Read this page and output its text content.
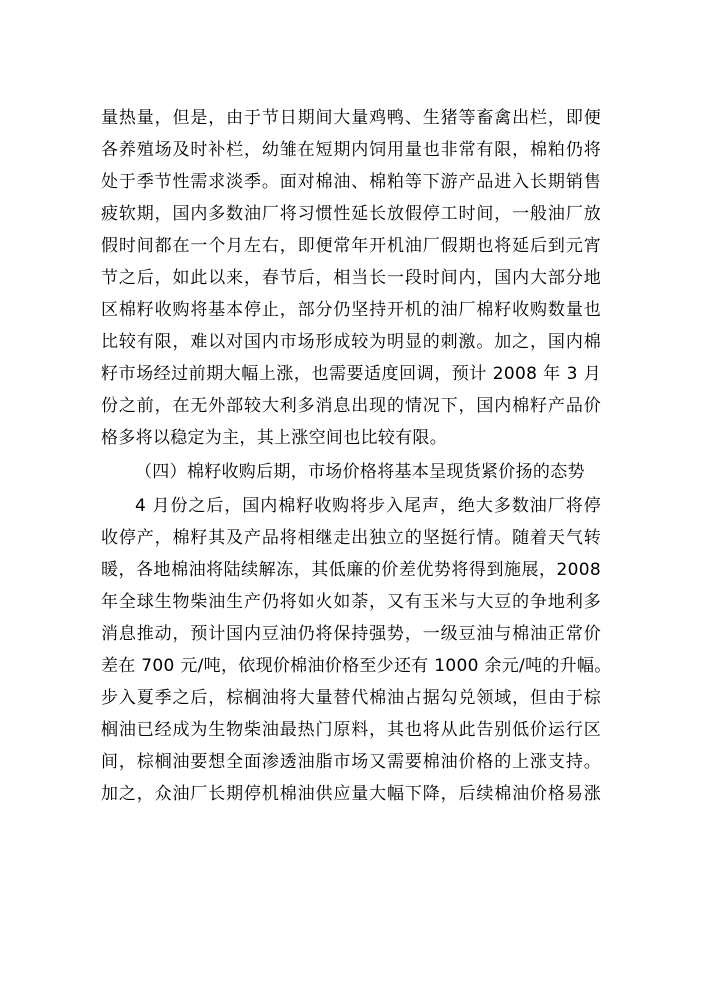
量热量，但是，由于节日期间大量鸡鸭、生猪等畜禽出栏，即便
各养殖场及时补栏，幼雏在短期内饲用量也非常有限，棉粕仍将
处于季节性需求淡季。面对棉油、棉粕等下游产品进入长期销售
疲软期，国内多数油厂将习惯性延长放假停工时间，一般油厂放
假时间都在一个月左右，即便常年开机油厂假期也将延后到元宵
节之后，如此以来，春节后，相当长一段时间内，国内大部分地
区棉籽收购将基本停止，部分仍坚持开机的油厂棉籽收购数量也
比较有限，难以对国内市场形成较为明显的刺激。加之，国内棉
籽市场经过前期大幅上涨，也需要适度回调，预计 2008 年 3 月
份之前，在无外部较大利多消息出现的情况下，国内棉籽产品价
格多将以稳定为主，其上涨空间也比较有限。
（四）棉籽收购后期，市场价格将基本呈现货紧价扬的态势
4 月份之后，国内棉籽收购将步入尾声，绝大多数油厂将停
收停产，棉籽其及产品将相继走出独立的坚挺行情。随着天气转
暖，各地棉油将陆续解冻，其低廉的价差优势将得到施展，2008
年全球生物柴油生产仍将如火如荼，又有玉米与大豆的争地利多
消息推动，预计国内豆油仍将保持强势，一级豆油与棉油正常价
差在 700 元/吨，依现价棉油价格至少还有 1000 余元/吨的升幅。
步入夏季之后，棕榈油将大量替代棉油占据勾兑领域，但由于棕
榈油已经成为生物柴油最热门原料，其也将从此告别低价运行区
间，棕榈油要想全面渗透油脂市场又需要棉油价格的上涨支持。
加之，众油厂长期停机棉油供应量大幅下降，后续棉油价格易涨
